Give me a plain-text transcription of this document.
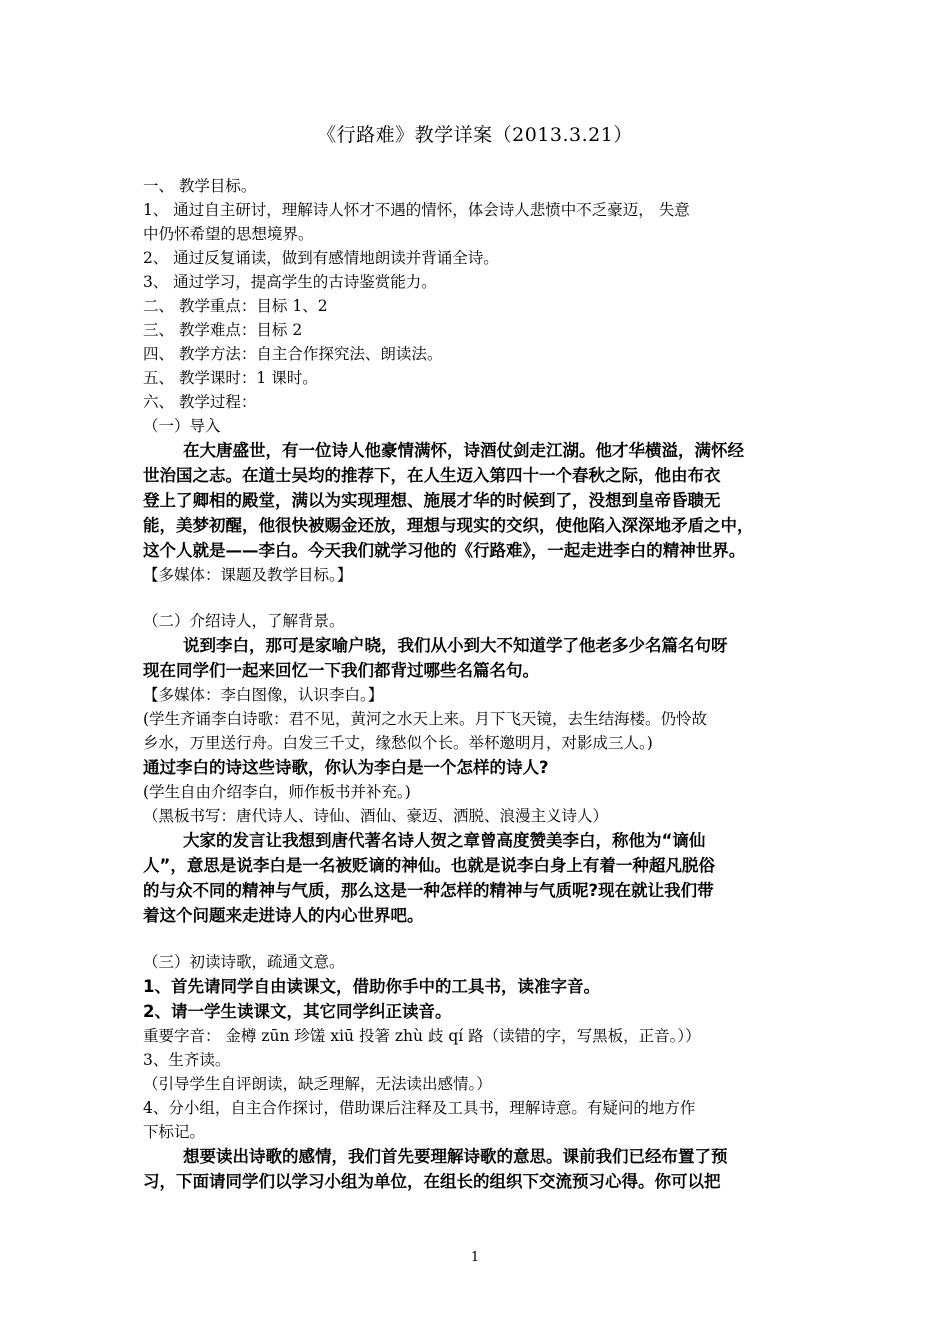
《行路难》教学详案（2013.3.21）
一、 教学目标。
1、 通过自主研讨，理解诗人怀才不遇的情怀，体会诗人悲愤中不乏豪迈， 失意
中仍怀希望的思想境界。
2、 通过反复诵读，做到有感情地朗读并背诵全诗。
3、 通过学习，提高学生的古诗鉴赏能力。
二、 教学重点：目标 1、2
三、 教学难点：目标 2
四、 教学方法：自主合作探究法、朗读法。
五、 教学课时：1 课时。
六、 教学过程：
（一）导入
在大唐盛世，有一位诗人他豪情满怀，诗酒仗剑走江湖。他才华横溢，满怀经
世治国之志。在道士吴均的推荐下，在人生迈入第四十一个春秋之际，他由布衣
登上了卿相的殿堂，满以为实现理想、施展才华的时候到了，没想到皇帝昏聩无
能，美梦初醒，他很快被赐金还放，理想与现实的交织，使他陷入深深地矛盾之中，
这个人就是——李白。今天我们就学习他的《行路难》，一起走进李白的精神世界。
【多媒体：课题及教学目标。】
（二）介绍诗人，了解背景。
说到李白，那可是家喻户晓，我们从小到大不知道学了他老多少名篇名句呀
现在同学们一起来回忆一下我们都背过哪些名篇名句。
【多媒体：李白图像，认识李白。】
(学生齐诵李白诗歌：君不见，黄河之水天上来。月下飞天镜，去生结海楼。仍怜故
乡水，万里送行舟。白发三千丈，缘愁似个长。举杯邀明月，对影成三人。)
通过李白的诗这些诗歌，你认为李白是一个怎样的诗人?
(学生自由介绍李白，师作板书并补充。)
（黑板书写：唐代诗人、诗仙、酒仙、豪迈、洒脱、浪漫主义诗人）
大家的发言让我想到唐代著名诗人贺之章曾高度赞美李白，称他为“谪仙
人”，意思是说李白是一名被贬谪的神仙。也就是说李白身上有着一种超凡脱俗
的与众不同的精神与气质，那么这是一种怎样的精神与气质呢?现在就让我们带
着这个问题来走进诗人的内心世界吧。
（三）初读诗歌，疏通文意。
1、首先请同学自由读课文，借助你手中的工具书，读准字音。
2、请一学生读课文，其它同学纠正读音。
重要字音： 金樽 zūn 珍馐 xiū 投箸 zhù 歧 qí 路（读错的字，写黑板，正音。））
3、生齐读。
（引导学生自评朗读，缺乏理解，无法读出感情。）
4、分小组，自主合作探讨，借助课后注释及工具书，理解诗意。有疑问的地方作
下标记。
想要读出诗歌的感情，我们首先要理解诗歌的意思。课前我们已经布置了预
习，下面请同学们以学习小组为单位，在组长的组织下交流预习心得。你可以把
1
